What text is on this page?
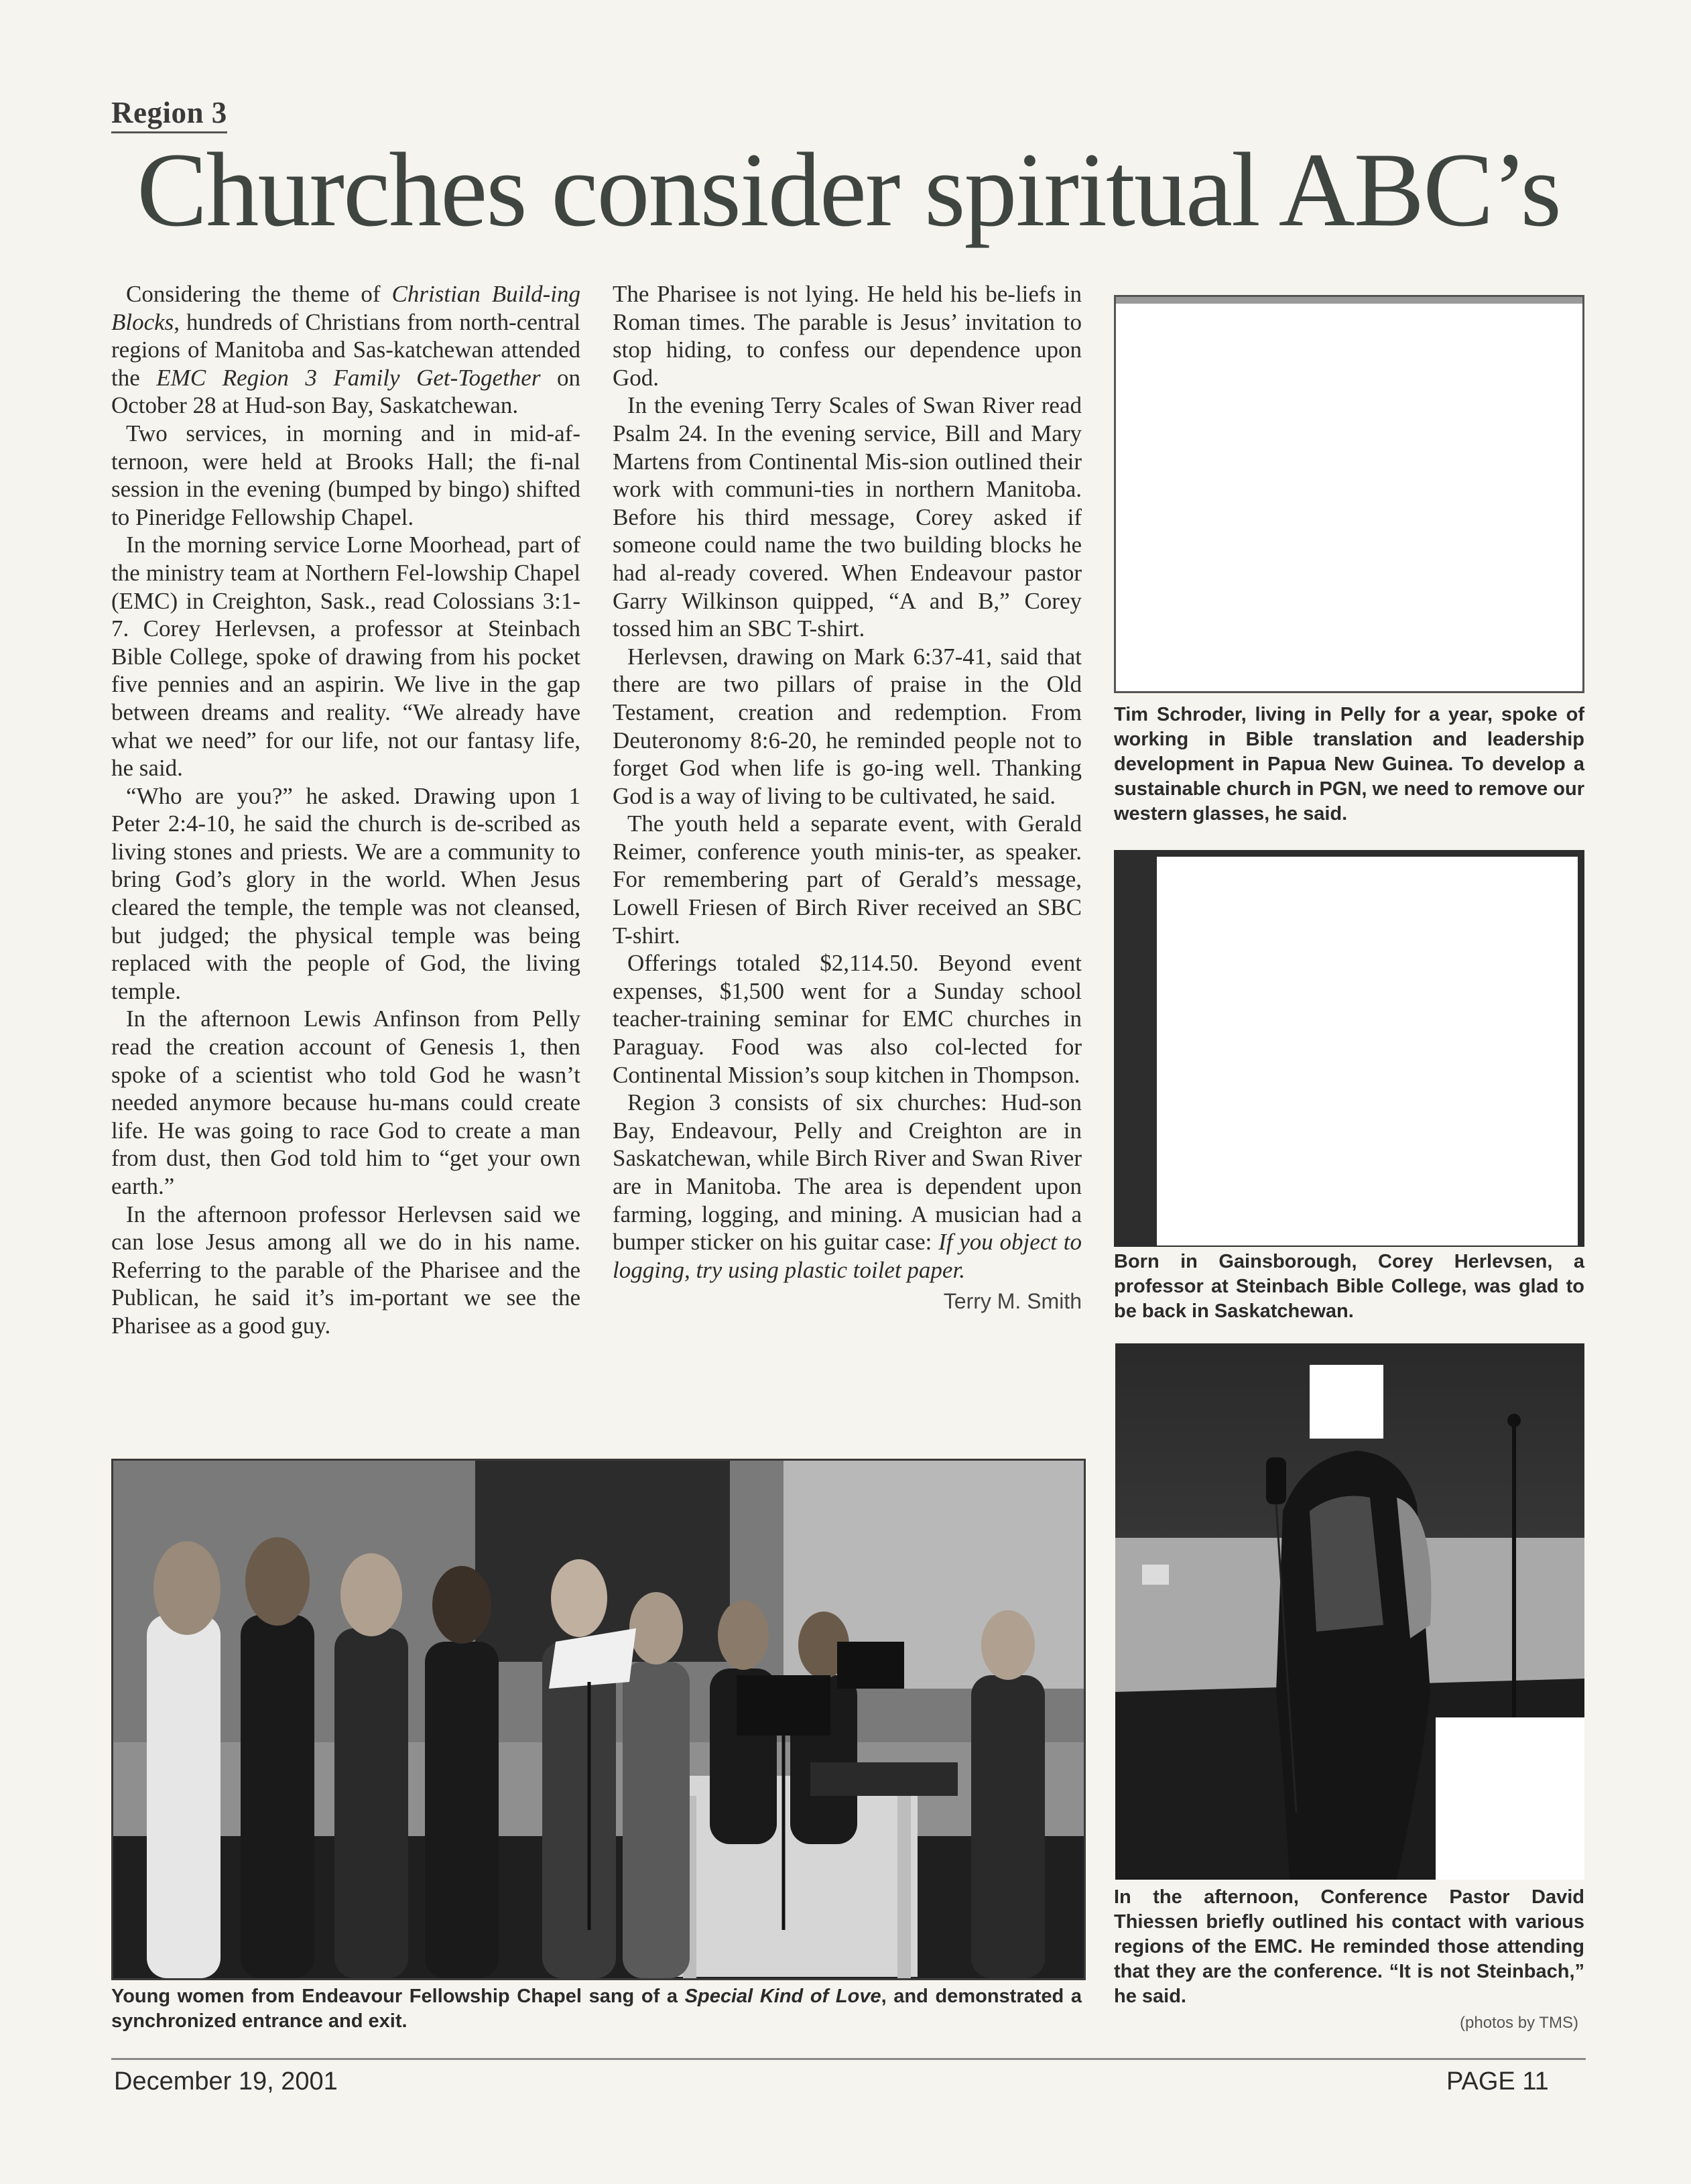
Region 3
Churches consider spiritual ABC’s

Considering the theme of Christian Build-ing Blocks, hundreds of Christians from north-central regions of Manitoba and Sas-katchewan attended the EMC Region 3 Family Get-Together on October 28 at Hud-son Bay, Saskatchewan.

Two services, in morning and in mid-af-ternoon, were held at Brooks Hall; the fi-nal session in the evening (bumped by bingo) shifted to Pineridge Fellowship Chapel.

In the morning service Lorne Moorhead, part of the ministry team at Northern Fel-lowship Chapel (EMC) in Creighton, Sask., read Colossians 3:1-7. Corey Herlevsen, a professor at Steinbach Bible College, spoke of drawing from his pocket five pennies and an aspirin. We live in the gap between dreams and reality. “We already have what we need” for our life, not our fantasy life, he said.

“Who are you?” he asked. Drawing upon 1 Peter 2:4-10, he said the church is de-scribed as living stones and priests. We are a community to bring God’s glory in the world. When Jesus cleared the temple, the temple was not cleansed, but judged; the physical temple was being replaced with the people of God, the living temple.

In the afternoon Lewis Anfinson from Pelly read the creation account of Genesis 1, then spoke of a scientist who told God he wasn’t needed anymore because hu-mans could create life. He was going to race God to create a man from dust, then God told him to “get your own earth.”

In the afternoon professor Herlevsen said we can lose Jesus among all we do in his name. Referring to the parable of the Pharisee and the Publican, he said it’s im-portant we see the Pharisee as a good guy.

The Pharisee is not lying. He held his be-liefs in Roman times. The parable is Jesus’ invitation to stop hiding, to confess our dependence upon God.

In the evening Terry Scales of Swan River read Psalm 24. In the evening service, Bill and Mary Martens from Continental Mis-sion outlined their work with communi-ties in northern Manitoba. Before his third message, Corey asked if someone could name the two building blocks he had al-ready covered. When Endeavour pastor Garry Wilkinson quipped, “A and B,” Corey tossed him an SBC T-shirt.

Herlevsen, drawing on Mark 6:37-41, said that there are two pillars of praise in the Old Testament, creation and redemption. From Deuteronomy 8:6-20, he reminded people not to forget God when life is go-ing well. Thanking God is a way of living to be cultivated, he said.

The youth held a separate event, with Gerald Reimer, conference youth minis-ter, as speaker. For remembering part of Gerald’s message, Lowell Friesen of Birch River received an SBC T-shirt.

Offerings totaled $2,114.50. Beyond event expenses, $1,500 went for a Sunday school teacher-training seminar for EMC churches in Paraguay. Food was also col-lected for Continental Mission’s soup kitchen in Thompson.

Region 3 consists of six churches: Hud-son Bay, Endeavour, Pelly and Creighton are in Saskatchewan, while Birch River and Swan River are in Manitoba. The area is dependent upon farming, logging, and mining. A musician had a bumper sticker on his guitar case: If you object to logging, try using plastic toilet paper.

Terry M. Smith
Tim Schroder, living in Pelly for a year, spoke of working in Bible translation and leadership development in Papua New Guinea. To develop a sustainable church in PGN, we need to remove our western glasses, he said.
Born in Gainsborough, Corey Herlevsen, a professor at Steinbach Bible College, was glad to be back in Saskatchewan.
In the afternoon, Conference Pastor David Thiessen briefly outlined his contact with various regions of the EMC. He reminded those attending that they are the conference. “It is not Steinbach,” he said.
(photos by TMS)
Young women from Endeavour Fellowship Chapel sang of a Special Kind of Love, and demonstrated a synchronized entrance and exit.
December 19, 2001	PAGE 11
